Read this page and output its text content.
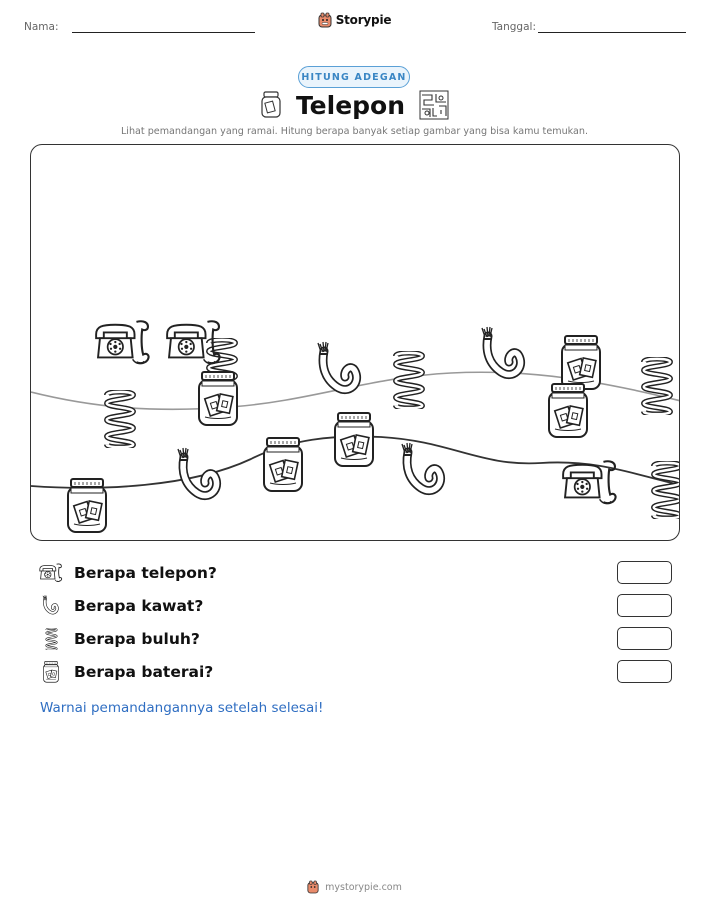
Nama:	Storypie	Tanggal:
HITUNG ADEGAN
Telepon
Lihat pemandangan yang ramai. Hitung berapa banyak setiap gambar yang bisa kamu temukan.
Berapa telepon?
Berapa kawat?
Berapa buluh?
Berapa baterai?
Warnai pemandangannya setelah selesai!
mystorypie.com
